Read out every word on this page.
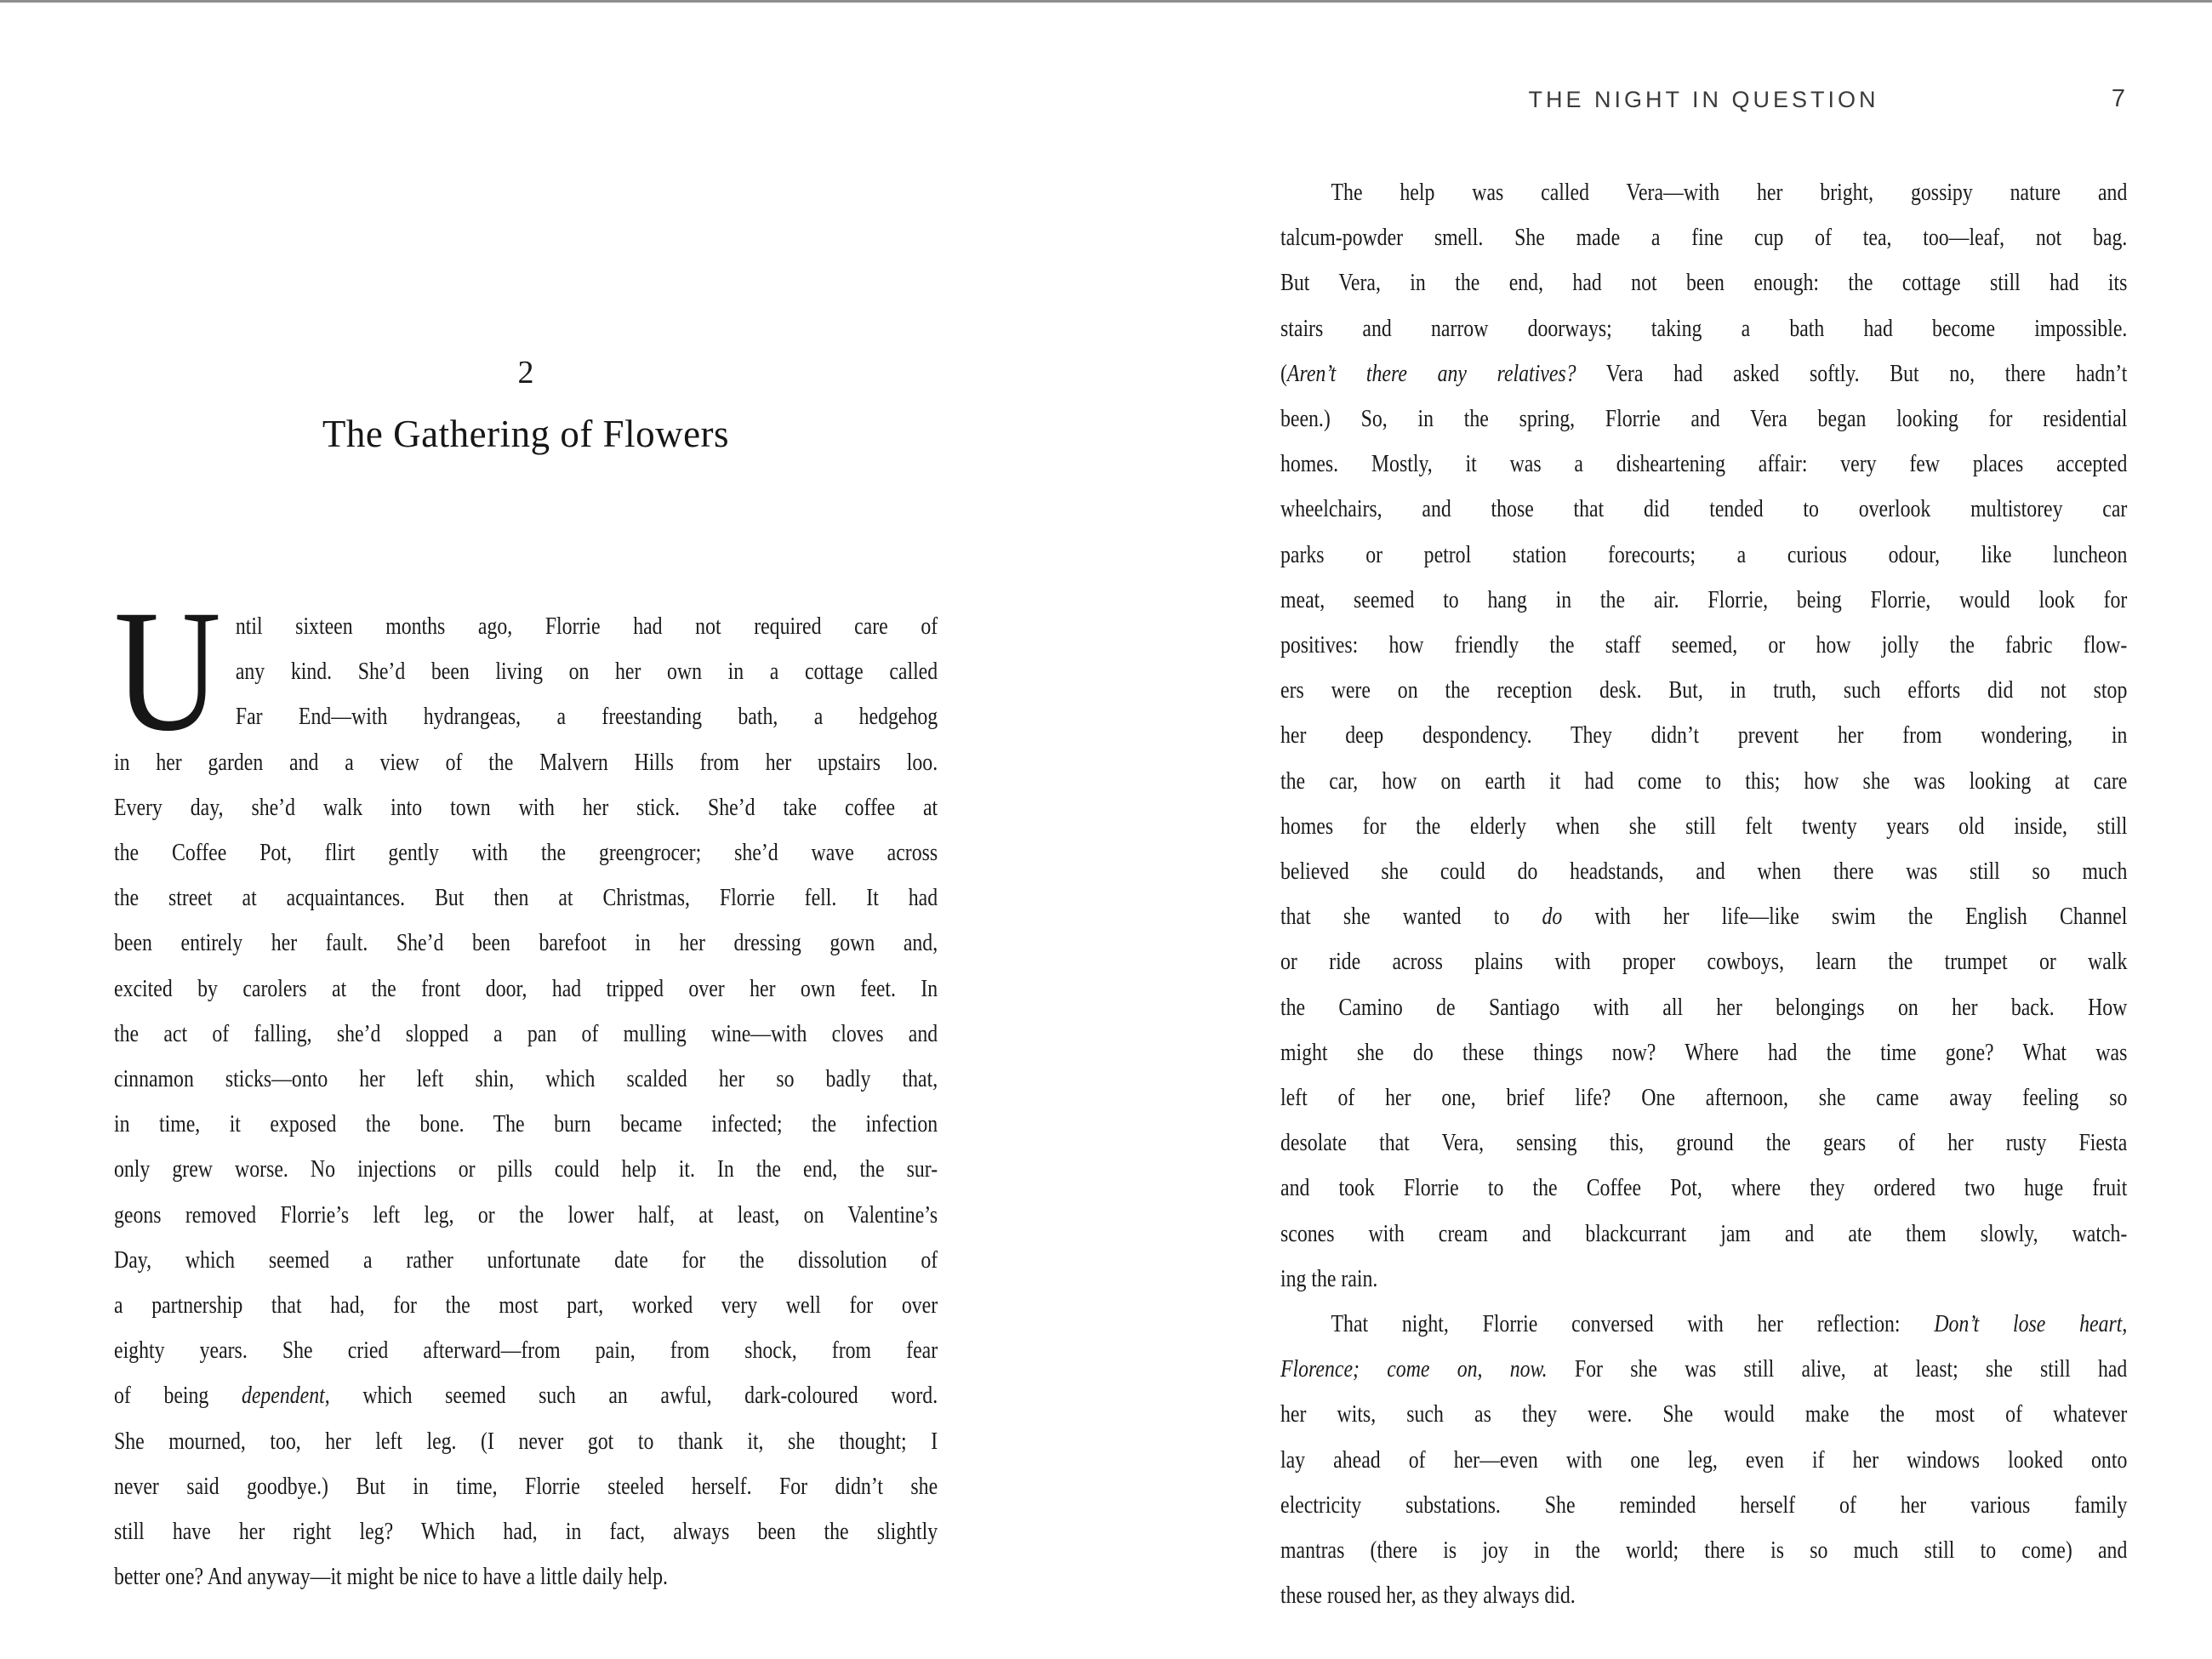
2
The Gathering of Flowers
Until sixteen months ago, Florrie had not required care of
any kind. She’d been living on her own in a cottage called
Far End—with hydrangeas, a freestanding bath, a hedgehog
in her garden and a view of the Malvern Hills from her upstairs loo.
Every day, she’d walk into town with her stick. She’d take coffee at
the Coffee Pot, flirt gently with the greengrocer; she’d wave across
the street at acquaintances. But then at Christmas, Florrie fell. It had
been entirely her fault. She’d been barefoot in her dressing gown and,
excited by carolers at the front door, had tripped over her own feet. In
the act of falling, she’d slopped a pan of mulling wine—with cloves and
cinnamon sticks—onto her left shin, which scalded her so badly that,
in time, it exposed the bone. The burn became infected; the infection
only grew worse. No injections or pills could help it. In the end, the sur-
geons removed Florrie’s left leg, or the lower half, at least, on Valentine’s
Day, which seemed a rather unfortunate date for the dissolution of
a partnership that had, for the most part, worked very well for over
eighty years. She cried afterward—from pain, from shock, from fear
of being dependent, which seemed such an awful, dark-coloured word.
She mourned, too, her left leg. (I never got to thank it, she thought; I
never said goodbye.) But in time, Florrie steeled herself. For didn’t she
still have her right leg? Which had, in fact, always been the slightly
better one? And anyway—it might be nice to have a little daily help.
THE NIGHT IN QUESTION	7
The help was called Vera—with her bright, gossipy nature and
talcum-powder smell. She made a fine cup of tea, too—leaf, not bag.
But Vera, in the end, had not been enough: the cottage still had its
stairs and narrow doorways; taking a bath had become impossible.
(Aren’t there any relatives? Vera had asked softly. But no, there hadn’t
been.) So, in the spring, Florrie and Vera began looking for residential
homes. Mostly, it was a disheartening affair: very few places accepted
wheelchairs, and those that did tended to overlook multistorey car
parks or petrol station forecourts; a curious odour, like luncheon
meat, seemed to hang in the air. Florrie, being Florrie, would look for
positives: how friendly the staff seemed, or how jolly the fabric flow-
ers were on the reception desk. But, in truth, such efforts did not stop
her deep despondency. They didn’t prevent her from wondering, in
the car, how on earth it had come to this; how she was looking at care
homes for the elderly when she still felt twenty years old inside, still
believed she could do headstands, and when there was still so much
that she wanted to do with her life—like swim the English Channel
or ride across plains with proper cowboys, learn the trumpet or walk
the Camino de Santiago with all her belongings on her back. How
might she do these things now? Where had the time gone? What was
left of her one, brief life? One afternoon, she came away feeling so
desolate that Vera, sensing this, ground the gears of her rusty Fiesta
and took Florrie to the Coffee Pot, where they ordered two huge fruit
scones with cream and blackcurrant jam and ate them slowly, watch-
ing the rain.
That night, Florrie conversed with her reflection: Don’t lose heart,
Florence; come on, now. For she was still alive, at least; she still had
her wits, such as they were. She would make the most of whatever
lay ahead of her—even with one leg, even if her windows looked onto
electricity substations. She reminded herself of her various family
mantras (there is joy in the world; there is so much still to come) and
these roused her, as they always did.
